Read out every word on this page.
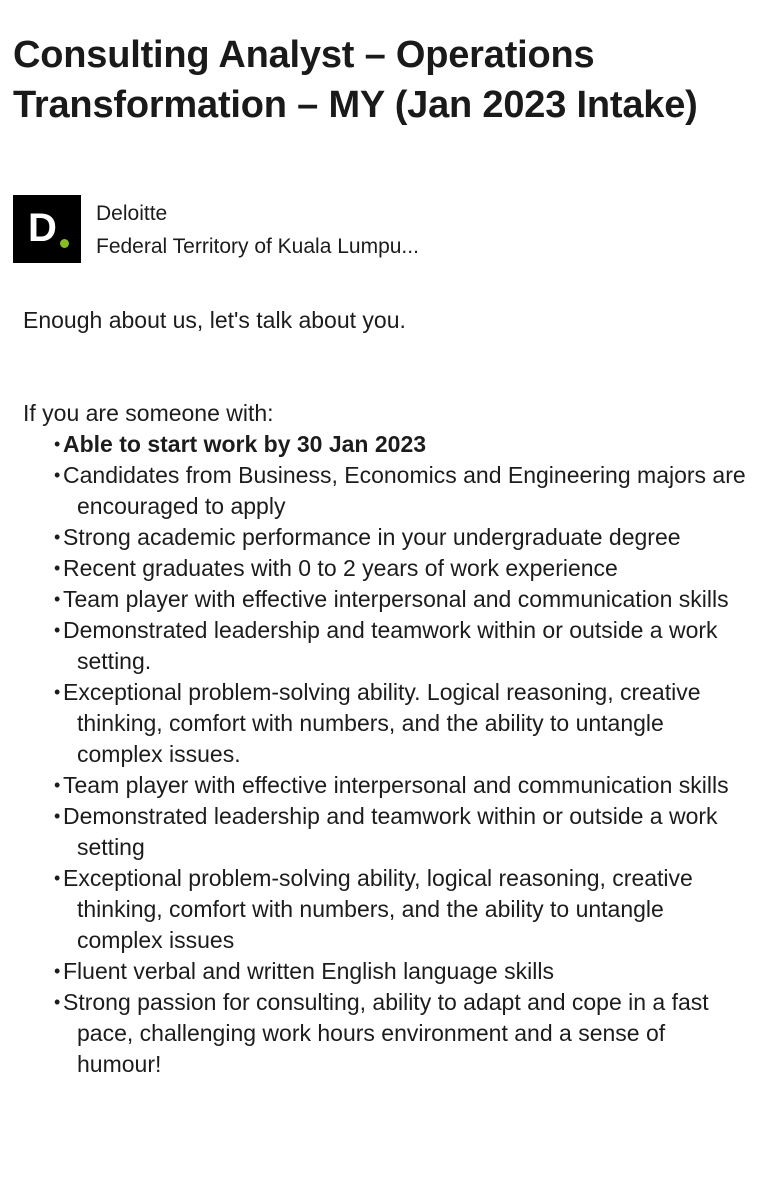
Consulting Analyst – Operations Transformation – MY (Jan 2023 Intake)
D Deloitte
Federal Territory of Kuala Lumpu...

Enough about us, let's talk about you.

If you are someone with:

• Able to start work by 30 Jan 2023
• Candidates from Business, Economics and Engineering majors are encouraged to apply
• Strong academic performance in your undergraduate degree
• Recent graduates with 0 to 2 years of work experience
• Team player with effective interpersonal and communication skills
• Demonstrated leadership and teamwork within or outside a work setting.
• Exceptional problem-solving ability. Logical reasoning, creative thinking, comfort with numbers, and the ability to untangle complex issues.
• Team player with effective interpersonal and communication skills
• Demonstrated leadership and teamwork within or outside a work setting
• Exceptional problem-solving ability, logical reasoning, creative thinking, comfort with numbers, and the ability to untangle complex issues
• Fluent verbal and written English language skills
• Strong passion for consulting, ability to adapt and cope in a fast pace, challenging work hours environment and a sense of humour!
